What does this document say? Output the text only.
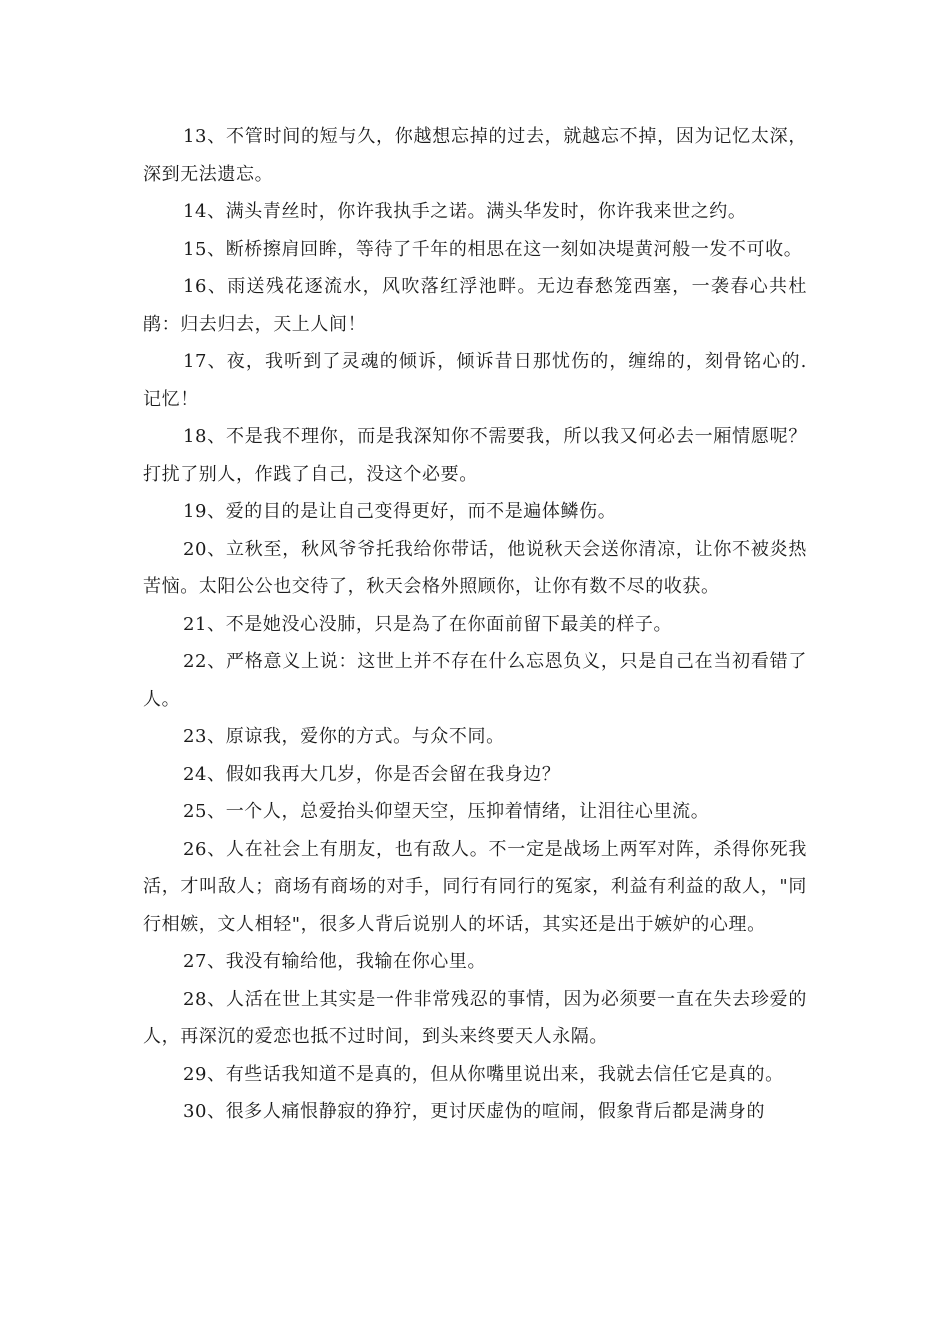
13、不管时间的短与久，你越想忘掉的过去，就越忘不掉，因为记忆太深，深到无法遗忘。

14、满头青丝时，你许我执手之诺。满头华发时，你许我来世之约。

15、断桥擦肩回眸，等待了千年的相思在这一刻如决堤黄河般一发不可收。

16、雨送残花逐流水，风吹落红浮池畔。无边春愁笼西塞，一袭春心共杜鹃：归去归去，天上人间！

17、夜，我听到了灵魂的倾诉，倾诉昔日那忧伤的，缠绵的，刻骨铭心的.记忆！

18、不是我不理你，而是我深知你不需要我，所以我又何必去一厢情愿呢？打扰了别人，作践了自己，没这个必要。

19、爱的目的是让自己变得更好，而不是遍体鳞伤。

20、立秋至，秋风爷爷托我给你带话，他说秋天会送你清凉，让你不被炎热苦恼。太阳公公也交待了，秋天会格外照顾你，让你有数不尽的收获。

21、不是她没心没肺，只是為了在你面前留下最美的样子。

22、严格意义上说：这世上并不存在什么忘恩负义，只是自己在当初看错了人。

23、原谅我，爱你的方式。与众不同。

24、假如我再大几岁，你是否会留在我身边？

25、一个人，总爱抬头仰望天空，压抑着情绪，让泪往心里流。

26、人在社会上有朋友，也有敌人。不一定是战场上两军对阵，杀得你死我活，才叫敌人；商场有商场的对手，同行有同行的冤家，利益有利益的敌人，"同行相嫉，文人相轻"，很多人背后说别人的坏话，其实还是出于嫉妒的心理。

27、我没有输给他，我输在你心里。

28、人活在世上其实是一件非常残忍的事情，因为必须要一直在失去珍爱的人，再深沉的爱恋也抵不过时间，到头来终要天人永隔。

29、有些话我知道不是真的，但从你嘴里说出来，我就去信任它是真的。

30、很多人痛恨静寂的狰狞，更讨厌虚伪的喧闹，假象背后都是满身的
